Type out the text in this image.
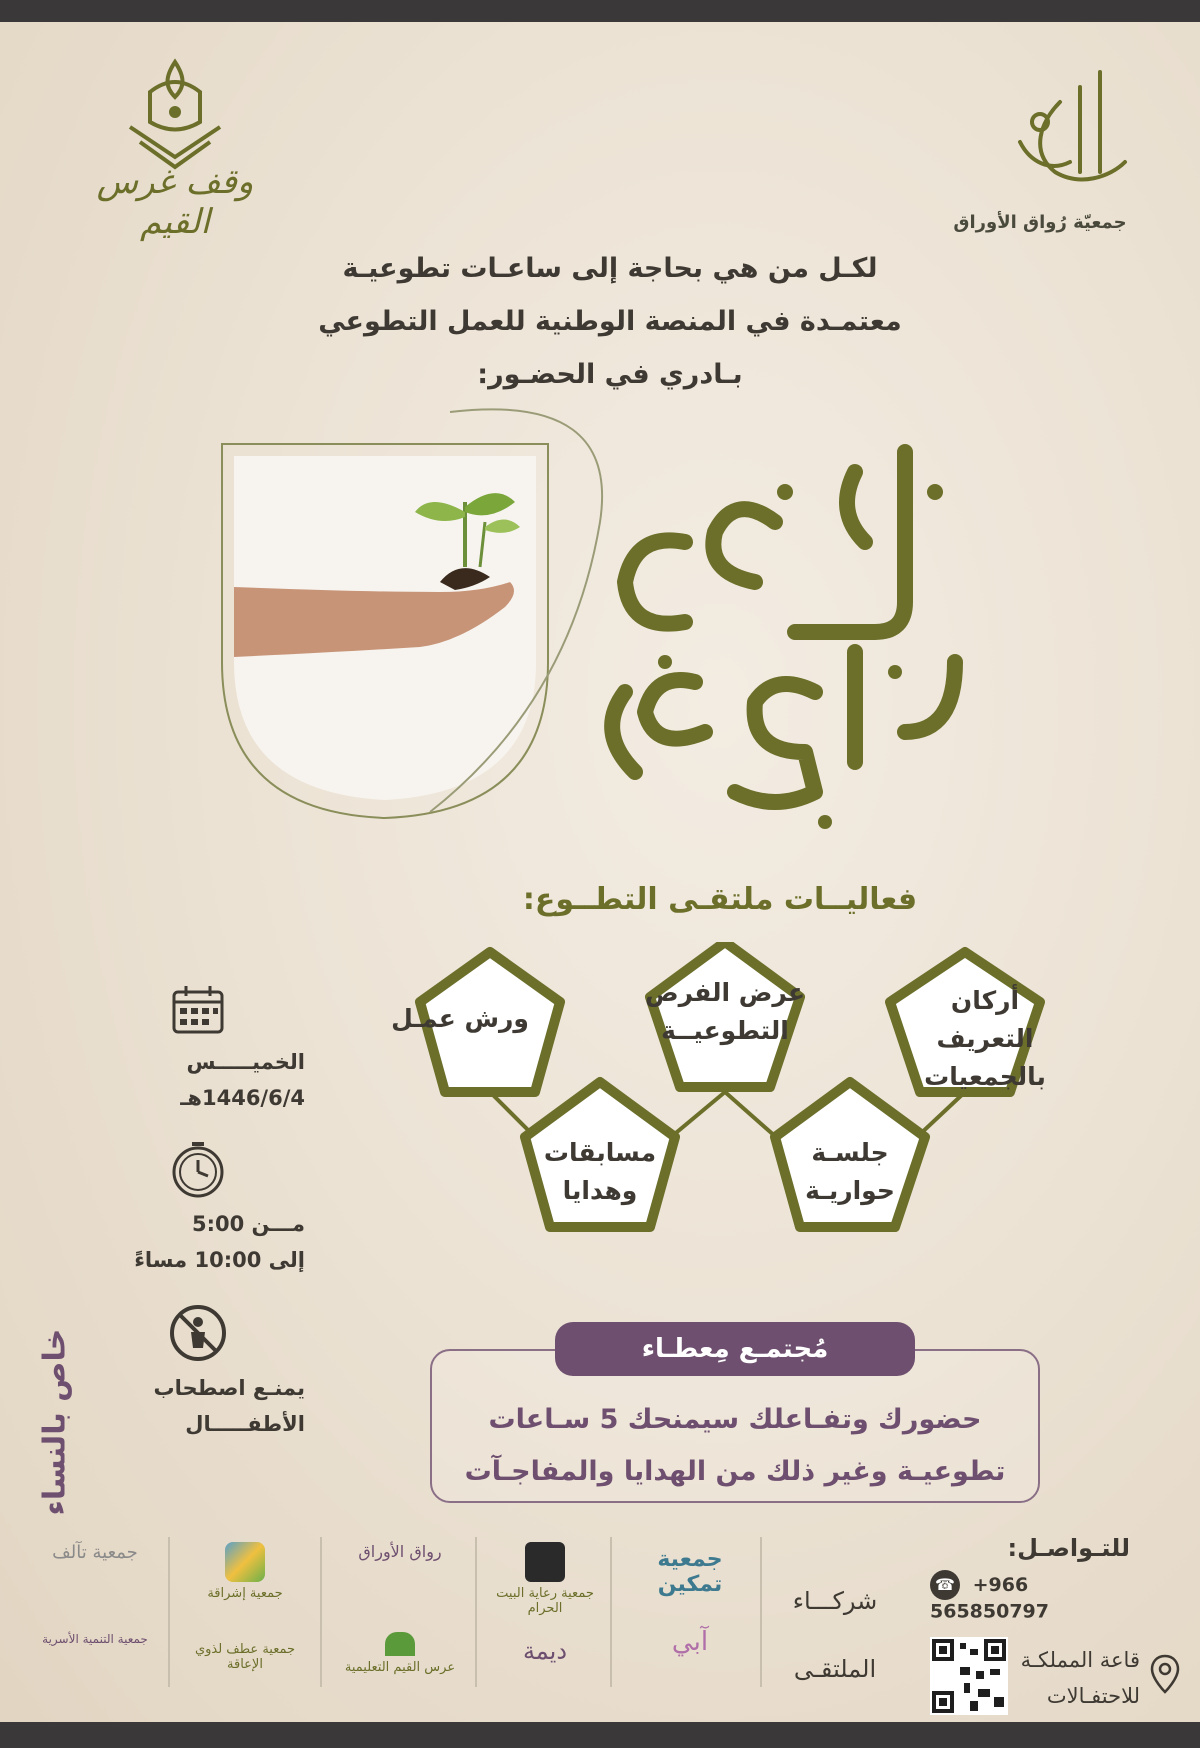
وقف غرس القيم	جمعيّة رُواق الأوراق
لكـل من هي بحاجة إلى ساعـات تطوعيـة
معتمـدة في المنصة الوطنية للعمل التطوعي
بـادري في الحضـور:
فعاليــات ملتقـى التطــوع:
ورش عمـل
عرض الفرص
التطوعيــة
أركان التعريف
بالجمعيات
مسابقات
وهدايا
جلسـة
حواريـة
الخميـــــس
1446/6/4هـ
مـــن 5:00
إلى 10:00 مساءً
يمنـع اصطحاب
الأطفـــــال
خاص بالنساء	مُجتمـع مِعطـاء
حضورك وتفـاعلك سيمنحك 5 سـاعات
تطوعيـة وغير ذلك من الهدايا والمفاجـآت
شركـــاء
الملتقـى
جمعية تمكين
آبي
جمعية رعاية البيت الحرام
ديمة
رواق الأوراق
عرس القيم التعليمية
جمعية إشراقة
جمعية عطف لذوي الإعاقة
جمعية تآلف
جمعية التنمية الأسرية
للتـواصـل:
☎ +966 565850797
قاعة المملكـة
للاحتفـالات
